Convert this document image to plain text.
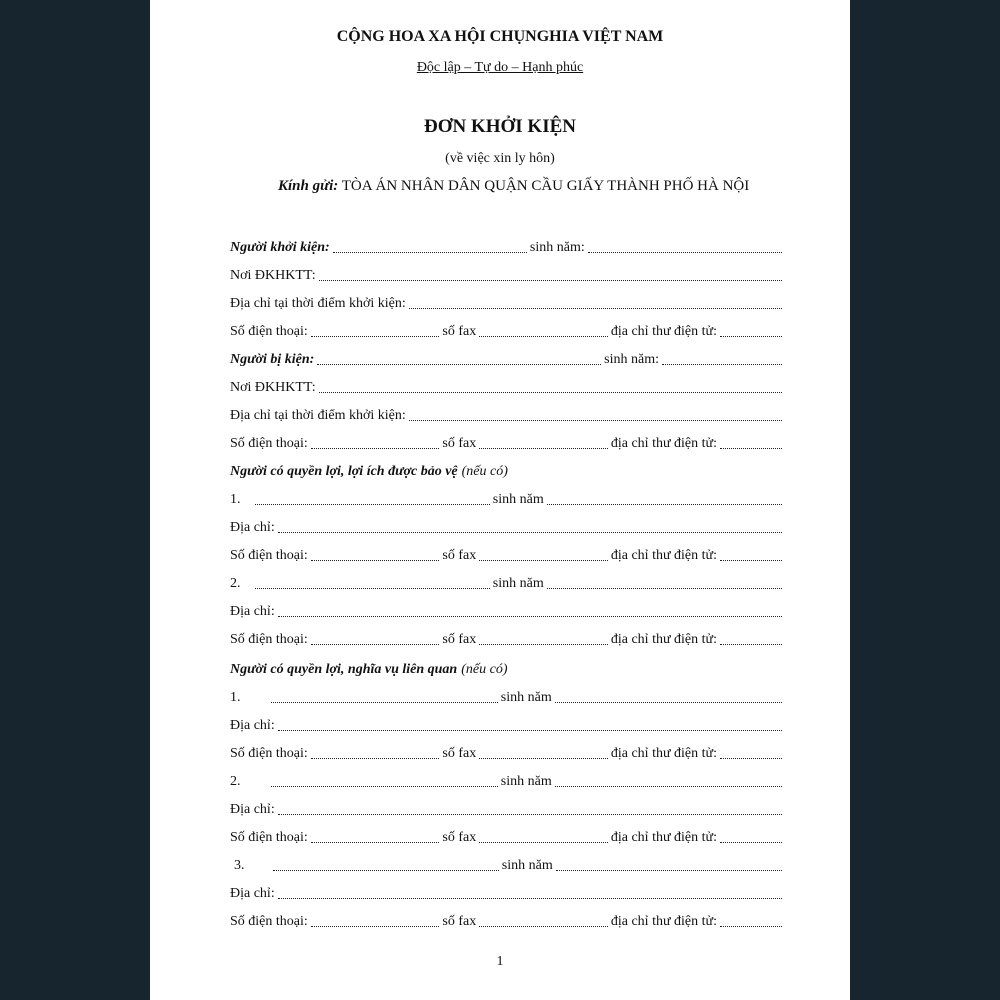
CỘNG HOA XA HỘI CHỤNGHIA VIỆT NAM
Độc lập – Tự do – Hạnh phúc
ĐƠN KHỞI KIỆN
(về việc xin ly hôn)
Kính gửi: TÒA ÁN NHÂN DÂN QUẬN CẦU GIẤY THÀNH PHỐ HÀ NỘI
Người khởi kiện:	sinh năm:
Nơi ĐKHKTT:
Địa chỉ tại thời điểm khởi kiện:
Số điện thoại:	số fax	địa chỉ thư điện tử:
Người bị kiện:	sinh năm:
Nơi ĐKHKTT:
Địa chỉ tại thời điểm khởi kiện:
Số điện thoại:	số fax	địa chỉ thư điện tử:
Người có quyền lợi, lợi ích được bảo vệ (nếu có)
1.	sinh năm
Địa chỉ:
Số điện thoại:	số fax	địa chỉ thư điện tử:
2.	sinh năm
Địa chỉ:
Số điện thoại:	số fax	địa chỉ thư điện tử:
Người có quyền lợi, nghĩa vụ liên quan (nếu có)
1.	sinh năm
Địa chỉ:
Số điện thoại:	số fax	địa chỉ thư điện tử:
2.	sinh năm
Địa chỉ:
Số điện thoại:	số fax	địa chỉ thư điện tử:
3.	sinh năm
Địa chỉ:
Số điện thoại:	số fax	địa chỉ thư điện tử:
1
